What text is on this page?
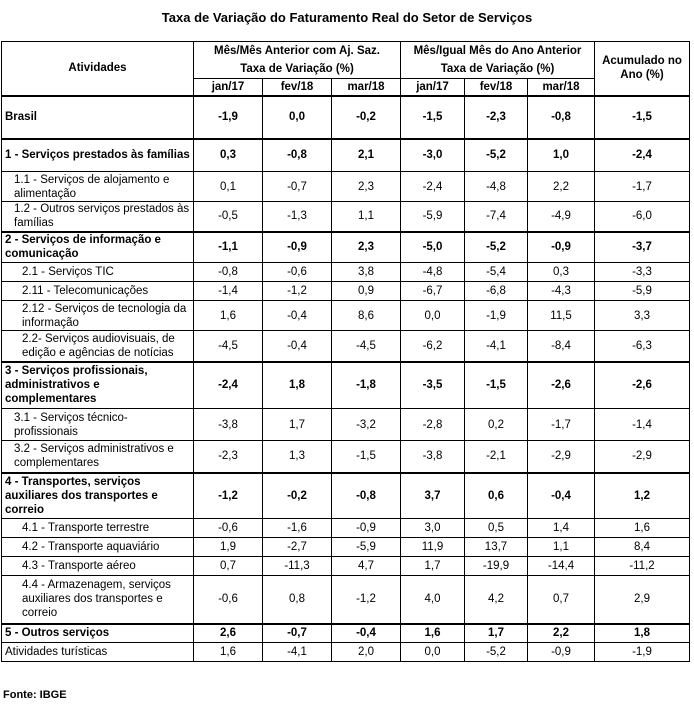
Taxa de Variação do Faturamento Real do Setor de Serviços
Atividades	Mês/Mês Anterior com Aj. Saz.			Mês/Igual Mês do Ano Anterior			Acumulado no Ano (%)
	Taxa de Variação (%)			Taxa de Variação (%)			
	jan/17	fev/18	mar/18	jan/17	fev/18	mar/18	
Brasil	-1,9	0,0	-0,2	-1,5	-2,3	-0,8	-1,5
1 - Serviços prestados às famílias	0,3	-0,8	2,1	-3,0	-5,2	1,0	-2,4
1.1 - Serviços de alojamento e alimentação	0,1	-0,7	2,3	-2,4	-4,8	2,2	-1,7
1.2 - Outros serviços prestados às famílias	-0,5	-1,3	1,1	-5,9	-7,4	-4,9	-6,0
2 - Serviços de informação e comunicação	-1,1	-0,9	2,3	-5,0	-5,2	-0,9	-3,7
2.1 - Serviços TIC	-0,8	-0,6	3,8	-4,8	-5,4	0,3	-3,3
2.11 - Telecomunicações	-1,4	-1,2	0,9	-6,7	-6,8	-4,3	-5,9
2.12 - Serviços de tecnologia da informação	1,6	-0,4	8,6	0,0	-1,9	11,5	3,3
2.2- Serviços audiovisuais, de edição e agências de notícias	-4,5	-0,4	-4,5	-6,2	-4,1	-8,4	-6,3
3 - Serviços profissionais, administrativos e complementares	-2,4	1,8	-1,8	-3,5	-1,5	-2,6	-2,6
3.1 - Serviços técnico-profissionais	-3,8	1,7	-3,2	-2,8	0,2	-1,7	-1,4
3.2 - Serviços administrativos e complementares	-2,3	1,3	-1,5	-3,8	-2,1	-2,9	-2,9
4 - Transportes, serviços auxiliares dos transportes e correio	-1,2	-0,2	-0,8	3,7	0,6	-0,4	1,2
4.1 - Transporte terrestre	-0,6	-1,6	-0,9	3,0	0,5	1,4	1,6
4.2 - Transporte aquaviário	1,9	-2,7	-5,9	11,9	13,7	1,1	8,4
4.3 - Transporte aéreo	0,7	-11,3	4,7	1,7	-19,9	-14,4	-11,2
4.4 - Armazenagem, serviços auxiliares dos transportes e correio	-0,6	0,8	-1,2	4,0	4,2	0,7	2,9
5 - Outros serviços	2,6	-0,7	-0,4	1,6	1,7	2,2	1,8
Atividades turísticas	1,6	-4,1	2,0	0,0	-5,2	-0,9	-1,9
Fonte: IBGE
